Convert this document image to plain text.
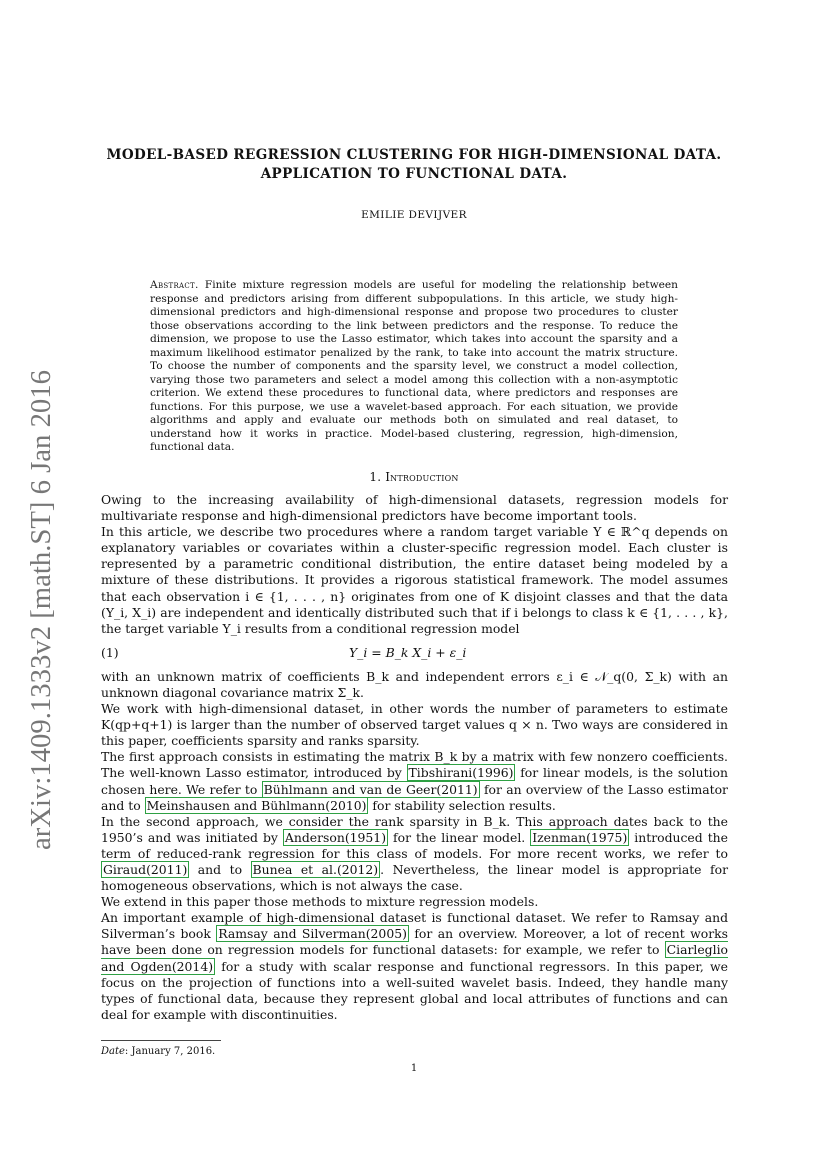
arXiv:1409.1333v2 [math.ST] 6 Jan 2016
MODEL-BASED REGRESSION CLUSTERING FOR HIGH-DIMENSIONAL DATA.
APPLICATION TO FUNCTIONAL DATA.
EMILIE DEVIJVER
Abstract. Finite mixture regression models are useful for modeling the relationship between response and predictors arising from different subpopulations. In this article, we study high-dimensional predictors and high-dimensional response and propose two procedures to cluster those observations according to the link between predictors and the response. To reduce the dimension, we propose to use the Lasso estimator, which takes into account the sparsity and a maximum likelihood estimator penalized by the rank, to take into account the matrix structure. To choose the number of components and the sparsity level, we construct a model collection, varying those two parameters and select a model among this collection with a non-asymptotic criterion. We extend these procedures to functional data, where predictors and responses are functions. For this purpose, we use a wavelet-based approach. For each situation, we provide algorithms and apply and evaluate our methods both on simulated and real dataset, to understand how it works in practice. Model-based clustering, regression, high-dimension, functional data.
1. Introduction

Owing to the increasing availability of high-dimensional datasets, regression models for multivariate response and high-dimensional predictors have become important tools.

In this article, we describe two procedures where a random target variable Y ∈ ℝ^q depends on explanatory variables or covariates within a cluster-specific regression model. Each cluster is represented by a parametric conditional distribution, the entire dataset being modeled by a mixture of these distributions. It provides a rigorous statistical framework. The model assumes that each observation i ∈ {1, . . . , n} originates from one of K disjoint classes and that the data (Y_i, X_i) are independent and identically distributed such that if i belongs to class k ∈ {1, . . . , k}, the target variable Y_i results from a conditional regression model

(1)	Y_i = B_k X_i + ε_i

with an unknown matrix of coefficients B_k and independent errors ε_i ∈ 𝒩_q(0, Σ_k) with an unknown diagonal covariance matrix Σ_k.

We work with high-dimensional dataset, in other words the number of parameters to estimate K(qp+q+1) is larger than the number of observed target values q × n. Two ways are considered in this paper, coefficients sparsity and ranks sparsity.

The first approach consists in estimating the matrix B_k by a matrix with few nonzero coefficients. The well-known Lasso estimator, introduced by Tibshirani(1996) for linear models, is the solution chosen here. We refer to Bühlmann and van de Geer(2011) for an overview of the Lasso estimator and to Meinshausen and Bühlmann(2010) for stability selection results.

In the second approach, we consider the rank sparsity in B_k. This approach dates back to the 1950’s and was initiated by Anderson(1951) for the linear model. Izenman(1975) introduced the term of reduced-rank regression for this class of models. For more recent works, we refer to Giraud(2011) and to Bunea et al.(2012) . Nevertheless, the linear model is appropriate for homogeneous observations, which is not always the case.

We extend in this paper those methods to mixture regression models.

An important example of high-dimensional dataset is functional dataset. We refer to Ramsay and Silverman’s book Ramsay and Silverman(2005) for an overview. Moreover, a lot of recent works have been done on regression models for functional datasets: for example, we refer to Ciarleglio and Ogden(2014) for a study with scalar response and functional regressors. In this paper, we focus on the projection of functions into a well-suited wavelet basis. Indeed, they handle many types of functional data, because they represent global and local attributes of functions and can deal for example with discontinuities.

Date: January 7, 2016.
1
